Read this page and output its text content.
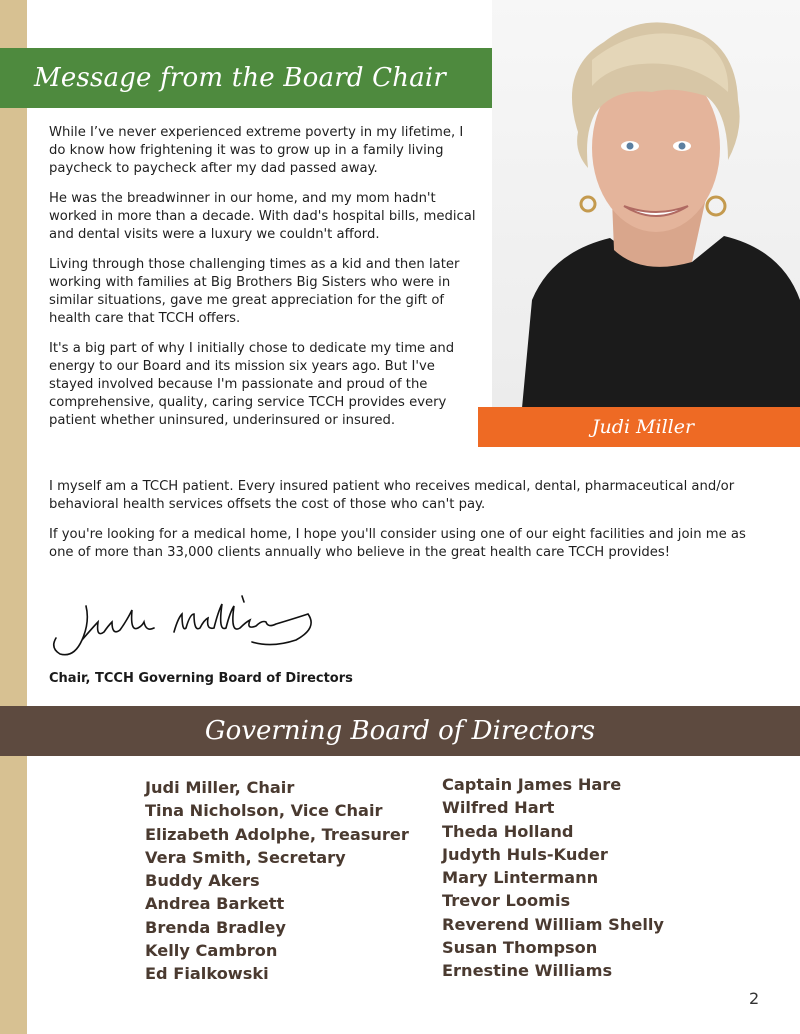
Message from the Board Chair
Judi Miller

While I’ve never experienced extreme poverty in my lifetime, I do know how frightening it was to grow up in a family living paycheck to paycheck after my dad passed away.

He was the breadwinner in our home, and my mom hadn't worked in more than a decade. With dad's hospital bills, medical and dental visits were a luxury we couldn't afford.

Living through those challenging times as a kid and then later working with families at Big Brothers Big Sisters who were in similar situations, gave me great appreciation for the gift of health care that TCCH offers.

It's a big part of why I initially chose to dedicate my time and energy to our Board and its mission six years ago. But I've stayed involved because I'm passionate and proud of the comprehensive, quality, caring service TCCH provides every patient whether uninsured, underinsured or insured.

I myself am a TCCH patient. Every insured patient who receives medical, dental, pharmaceutical and/or behavioral health services offsets the cost of those who can't pay.

If you're looking for a medical home, I hope you'll consider using one of our eight facilities and join me as one of more than 33,000 clients annually who believe in the great health care TCCH provides!

Chair, TCCH Governing Board of Directors
Governing Board of Directors
Judi Miller, Chair
Tina Nicholson, Vice Chair
Elizabeth Adolphe, Treasurer
Vera Smith, Secretary
Buddy Akers
Andrea Barkett
Brenda Bradley
Kelly Cambron
Ed Fialkowski
Captain James Hare
Wilfred Hart
Theda Holland
Judyth Huls-Kuder
Mary Lintermann
Trevor Loomis
Reverend William Shelly
Susan Thompson
Ernestine Williams
2
